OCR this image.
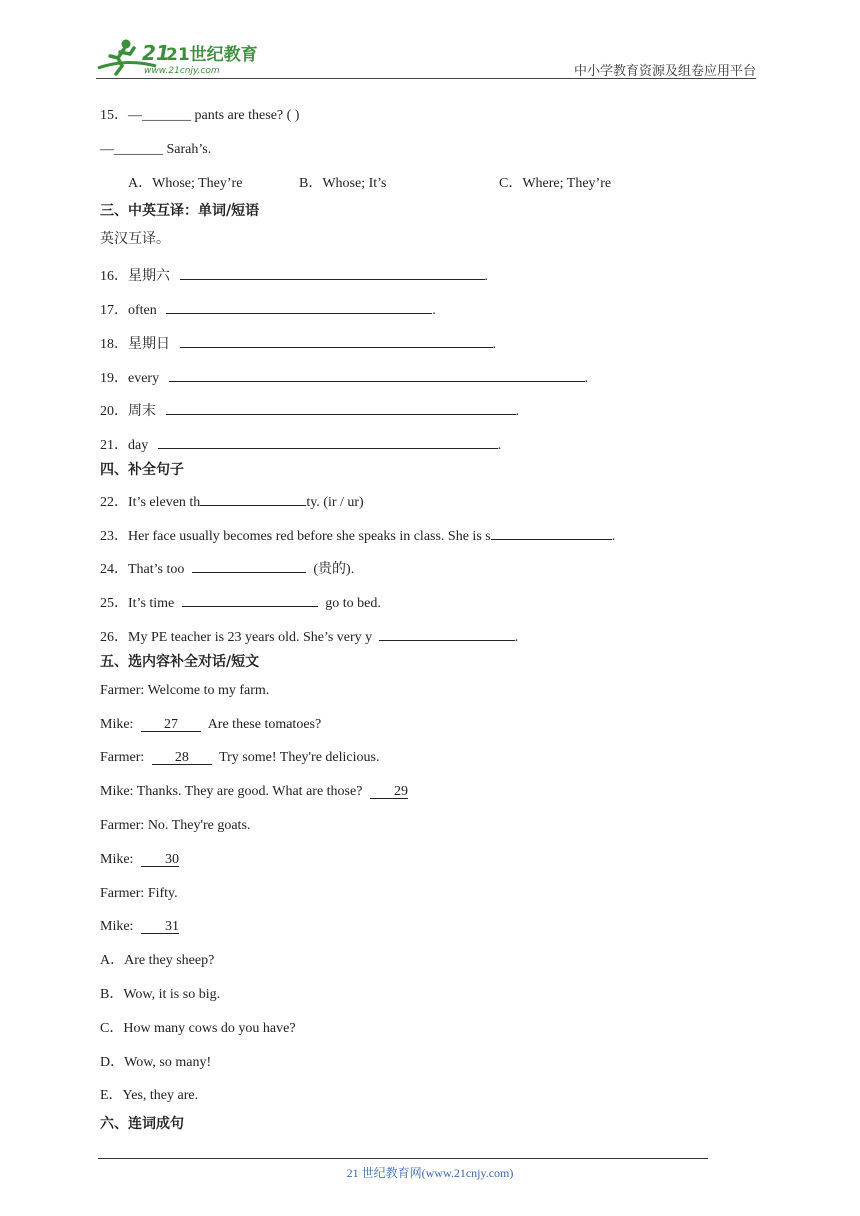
21
21世纪教育
www.21cnjy.com	中小学教育资源及组卷应用平台
15．—_______ pants are these? ( )
—_______ Sarah’s.
A．Whose; They’re	B．Whose; It’s	C．Where; They’re
三、中英互译：单词/短语
英汉互译。
16．星期六	.
17．often	.
18．星期日	.
19．every	.
20．周末	.
21．day	.
四、补全句子
22．It’s eleven th	ty. (ir / ur)
23．Her face usually becomes red before she speaks in class. She is s	.
24．That’s too	(贵的).
25．It’s time	go to bed.
26．My PE teacher is 23 years old. She’s very y	.
五、选内容补全对话/短文
Farmer: Welcome to my farm.
Mike: 27 Are these tomatoes?
Farmer: 28 Try some! They're delicious.
Mike: Thanks. They are good. What are those? 29
Farmer: No. They're goats.
Mike: 30
Farmer: Fifty.
Mike: 31
A．Are they sheep?
B．Wow, it is so big.
C．How many cows do you have?
D．Wow, so many!
E．Yes, they are.
六、连词成句
21 世纪教育网(www.21cnjy.com)
